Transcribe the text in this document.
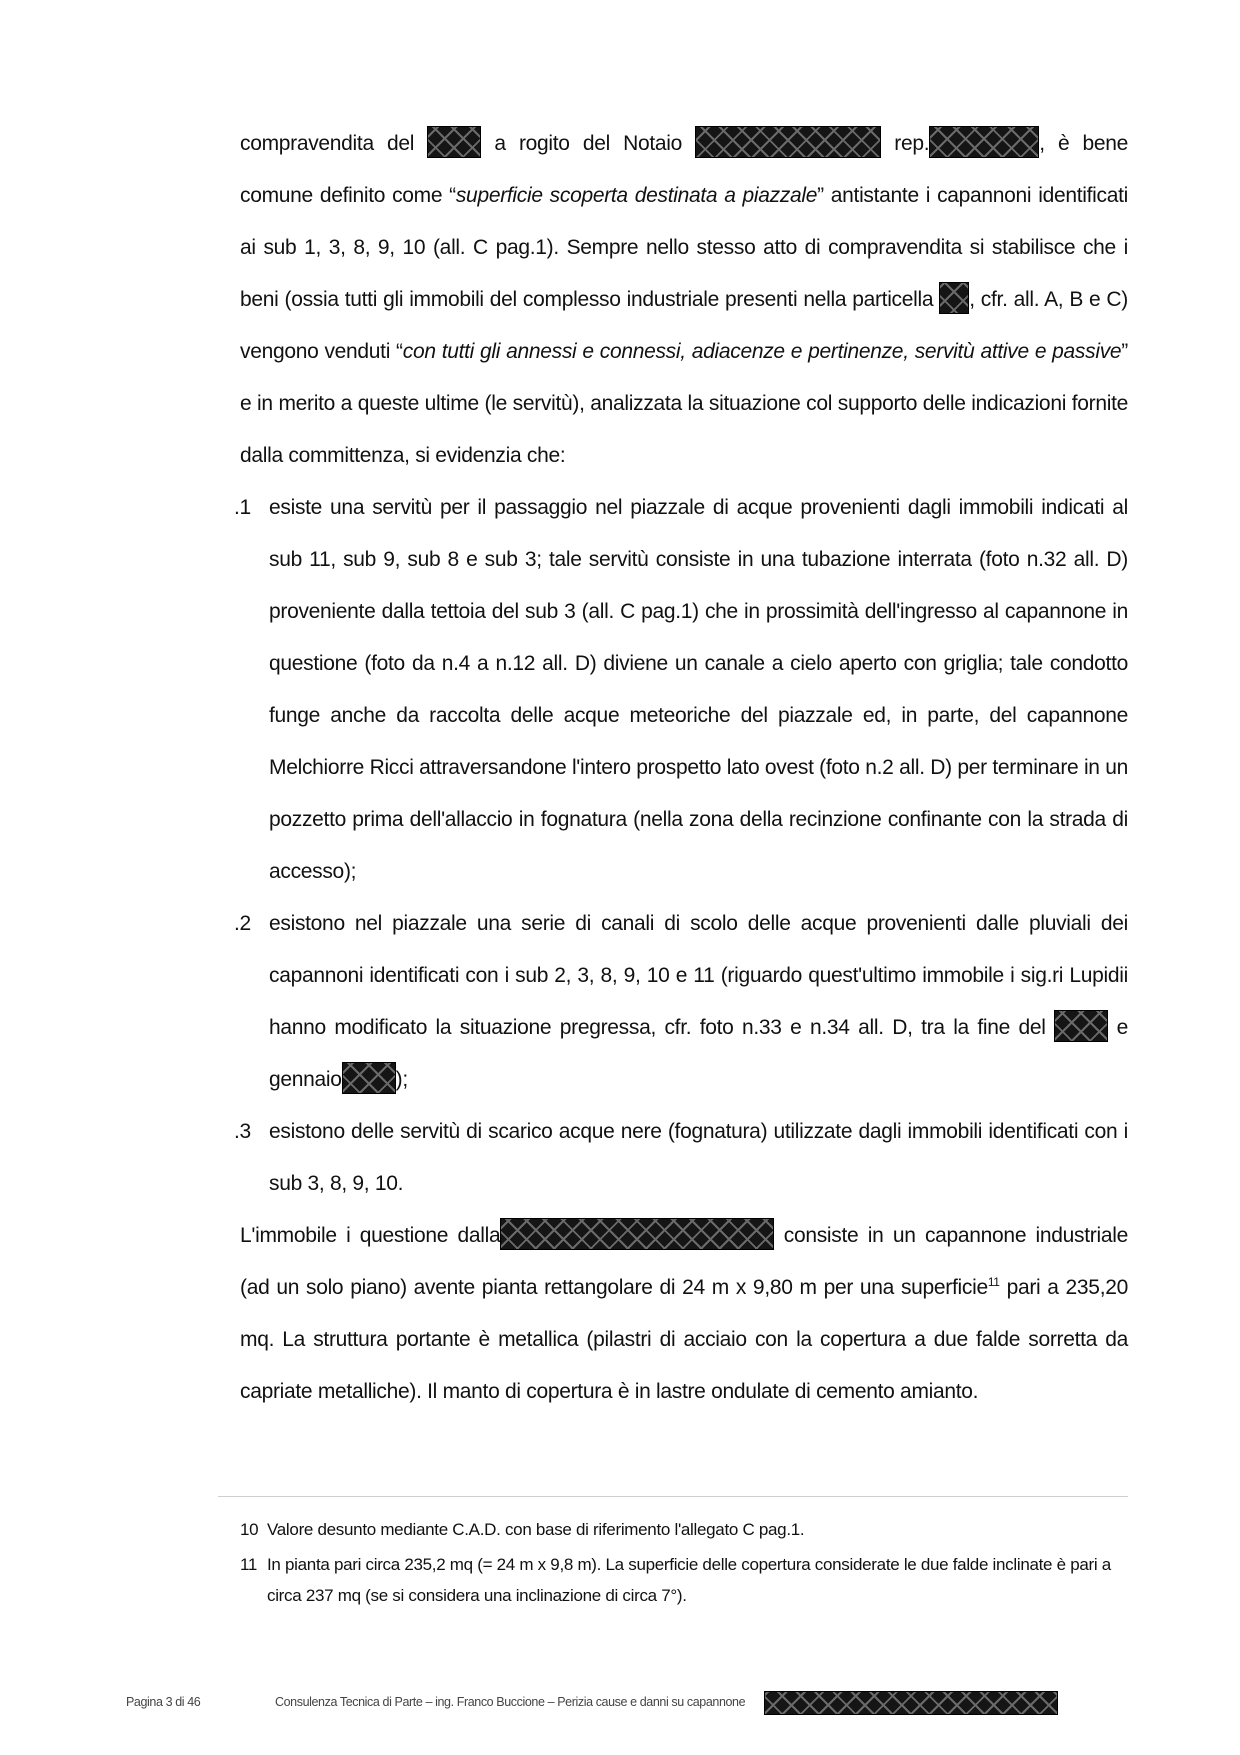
compravendita del	a rogito del Notaio	rep.	, è bene comune definito come “superficie scoperta destinata a piazzale” antistante i capannoni identificati ai sub 1, 3, 8, 9, 10 (all. C pag.1). Sempre nello stesso atto di compravendita si stabilisce che i beni (ossia tutti gli immobili del complesso industriale presenti nella particella , cfr. all. A, B e C) vengono venduti “con tutti gli annessi e connessi, adiacenze e pertinenze, servitù attive e passive” e in merito a queste ultime (le servitù), analizzata la situazione col supporto delle indicazioni fornite dalla committenza, si evidenzia che:

.1 esiste una servitù per il passaggio nel piazzale di acque provenienti dagli immobili indicati al sub 11, sub 9, sub 8 e sub 3; tale servitù consiste in una tubazione interrata (foto n.32 all. D) proveniente dalla tettoia del sub 3 (all. C pag.1) che in prossimità dell'ingresso al capannone in questione (foto da n.4 a n.12 all. D) diviene un canale a cielo aperto con griglia; tale condotto funge anche da raccolta delle acque meteoriche del piazzale ed, in parte, del capannone Melchiorre Ricci attraversandone l'intero prospetto lato ovest (foto n.2 all. D) per terminare in un pozzetto prima dell'allaccio in fognatura (nella zona della recinzione confinante con la strada di accesso);
.2 esistono nel piazzale una serie di canali di scolo delle acque provenienti dalle pluviali dei capannoni identificati con i sub 2, 3, 8, 9, 10 e 11 (riguardo quest'ultimo immobile i sig.ri Lupidii hanno modificato la situazione pregressa, cfr. foto n.33 e n.34 all. D, tra la fine del	e gennaio	);
.3 esistono delle servitù di scarico acque nere (fognatura) utilizzate dagli immobili identificati con i sub 3, 8, 9, 10.

L'immobile i questione dalla	consiste in un capannone industriale (ad un solo piano) avente pianta rettangolare di 24 m x 9,80 m per una superficie$^{11}$ pari a 235,20 mq. La struttura portante è metallica (pilastri di acciaio con la copertura a due falde sorretta da capriate metalliche). Il manto di copertura è in lastre ondulate di cemento amianto.

10 Valore desunto mediante C.A.D. con base di riferimento l'allegato C pag.1.

11 In pianta pari circa 235,2 mq (= 24 m x 9,8 m). La superficie delle copertura considerate le due falde inclinate è pari a circa 237 mq (se si considera una inclinazione di circa 7°).

Pagina 3 di 46	Consulenza Tecnica di Parte – ing. Franco Buccione – Perizia cause e danni su capannone
